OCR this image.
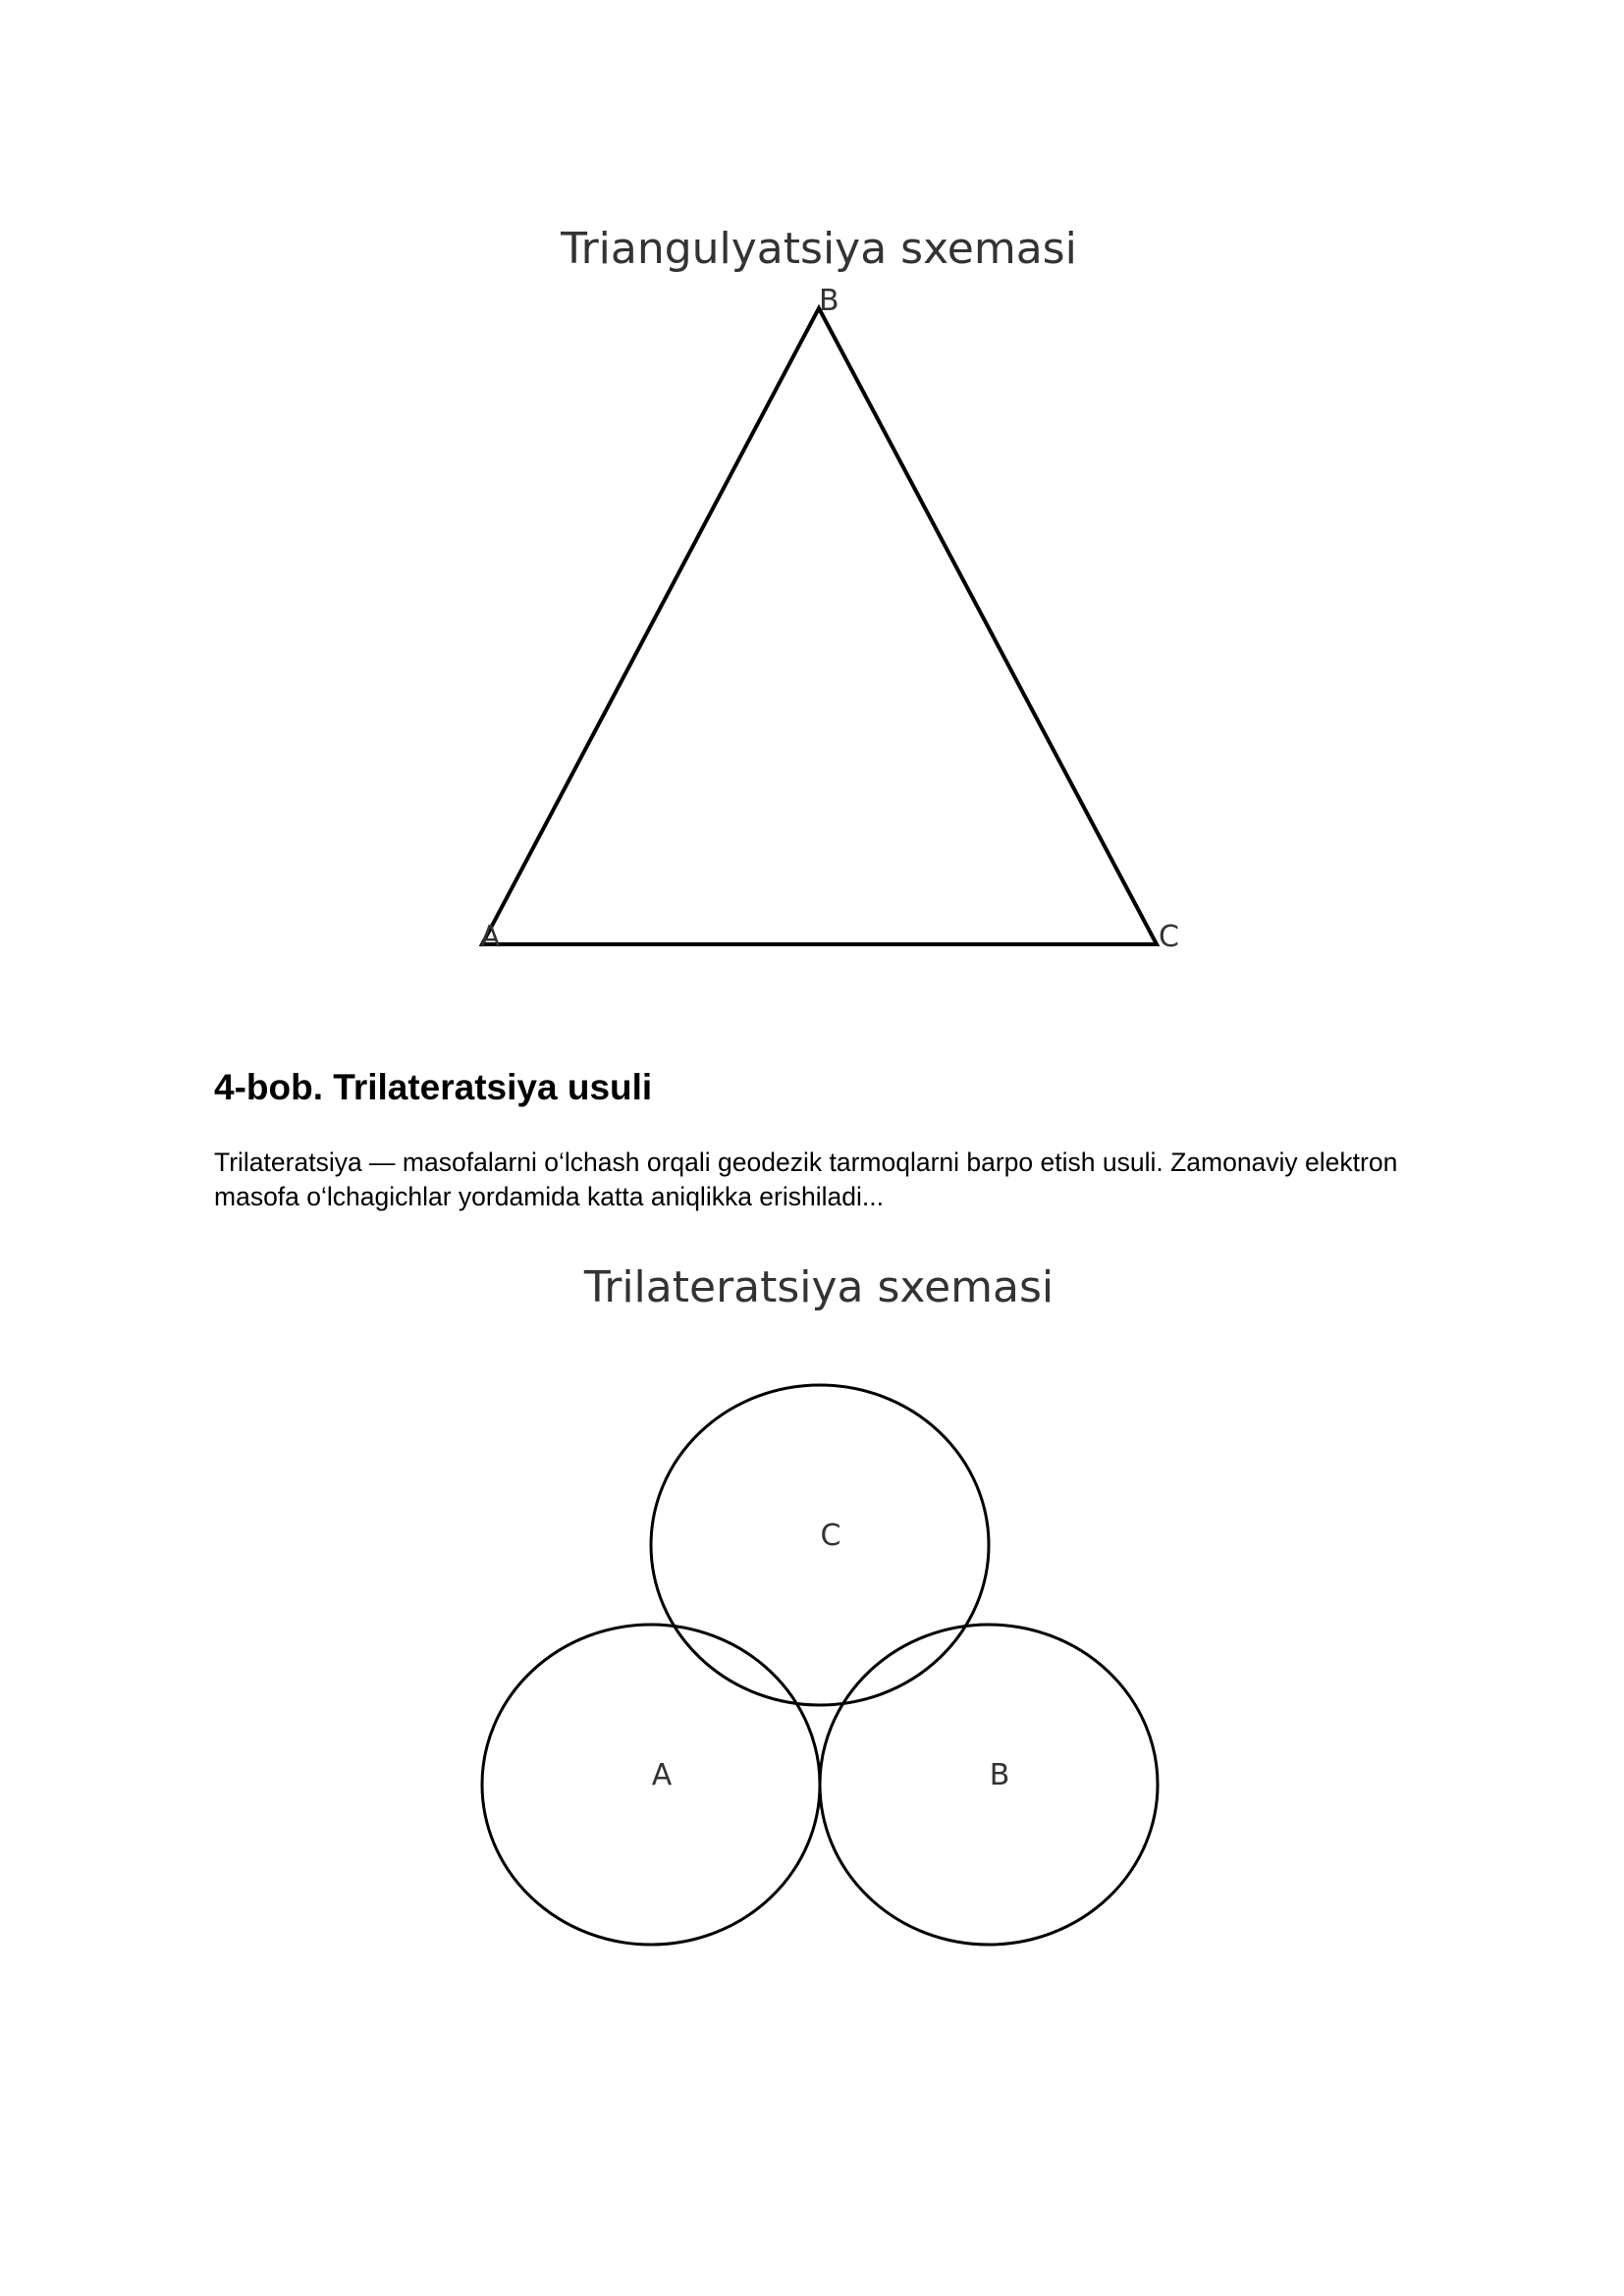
Triangulyatsiya sxemasi
B
A	C
4-bob. Trilateratsiya usuli

Trilateratsiya — masofalarni o‘lchash orqali geodezik tarmoqlarni barpo etish usuli. Zamonaviy elektron masofa o‘lchagichlar yordamida katta aniqlikka erishiladi...

Trilateratsiya sxemasi
C
A	B
